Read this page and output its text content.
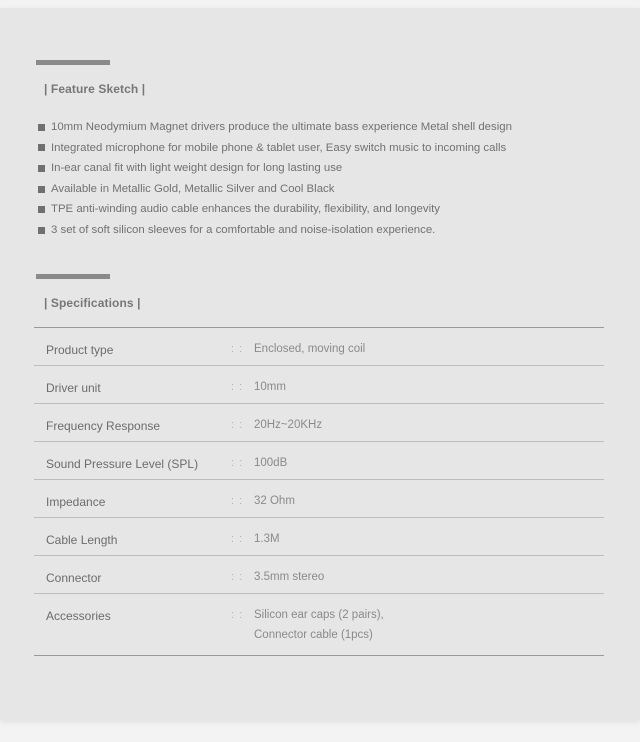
| Feature Sketch |
10mm Neodymium Magnet drivers produce the ultimate bass experience Metal shell design
Integrated microphone for mobile phone & tablet user, Easy switch music to incoming calls
In-ear canal fit with light weight design for long lasting use
Available in Metallic Gold, Metallic Silver and Cool Black
TPE anti-winding audio cable enhances the durability, flexibility, and longevity
3 set of soft silicon sleeves for a comfortable and noise-isolation experience.
| Specifications |
Product type	: : Enclosed, moving coil
Driver unit	: : 10mm
Frequency Response	: : 20Hz~20KHz
Sound Pressure Level (SPL)	: : 100dB
Impedance	: : 32 Ohm
Cable Length	: : 1.3M
Connector	: : 3.5mm stereo
Accessories	: : Silicon ear caps (2 pairs),
Connector cable (1pcs)
